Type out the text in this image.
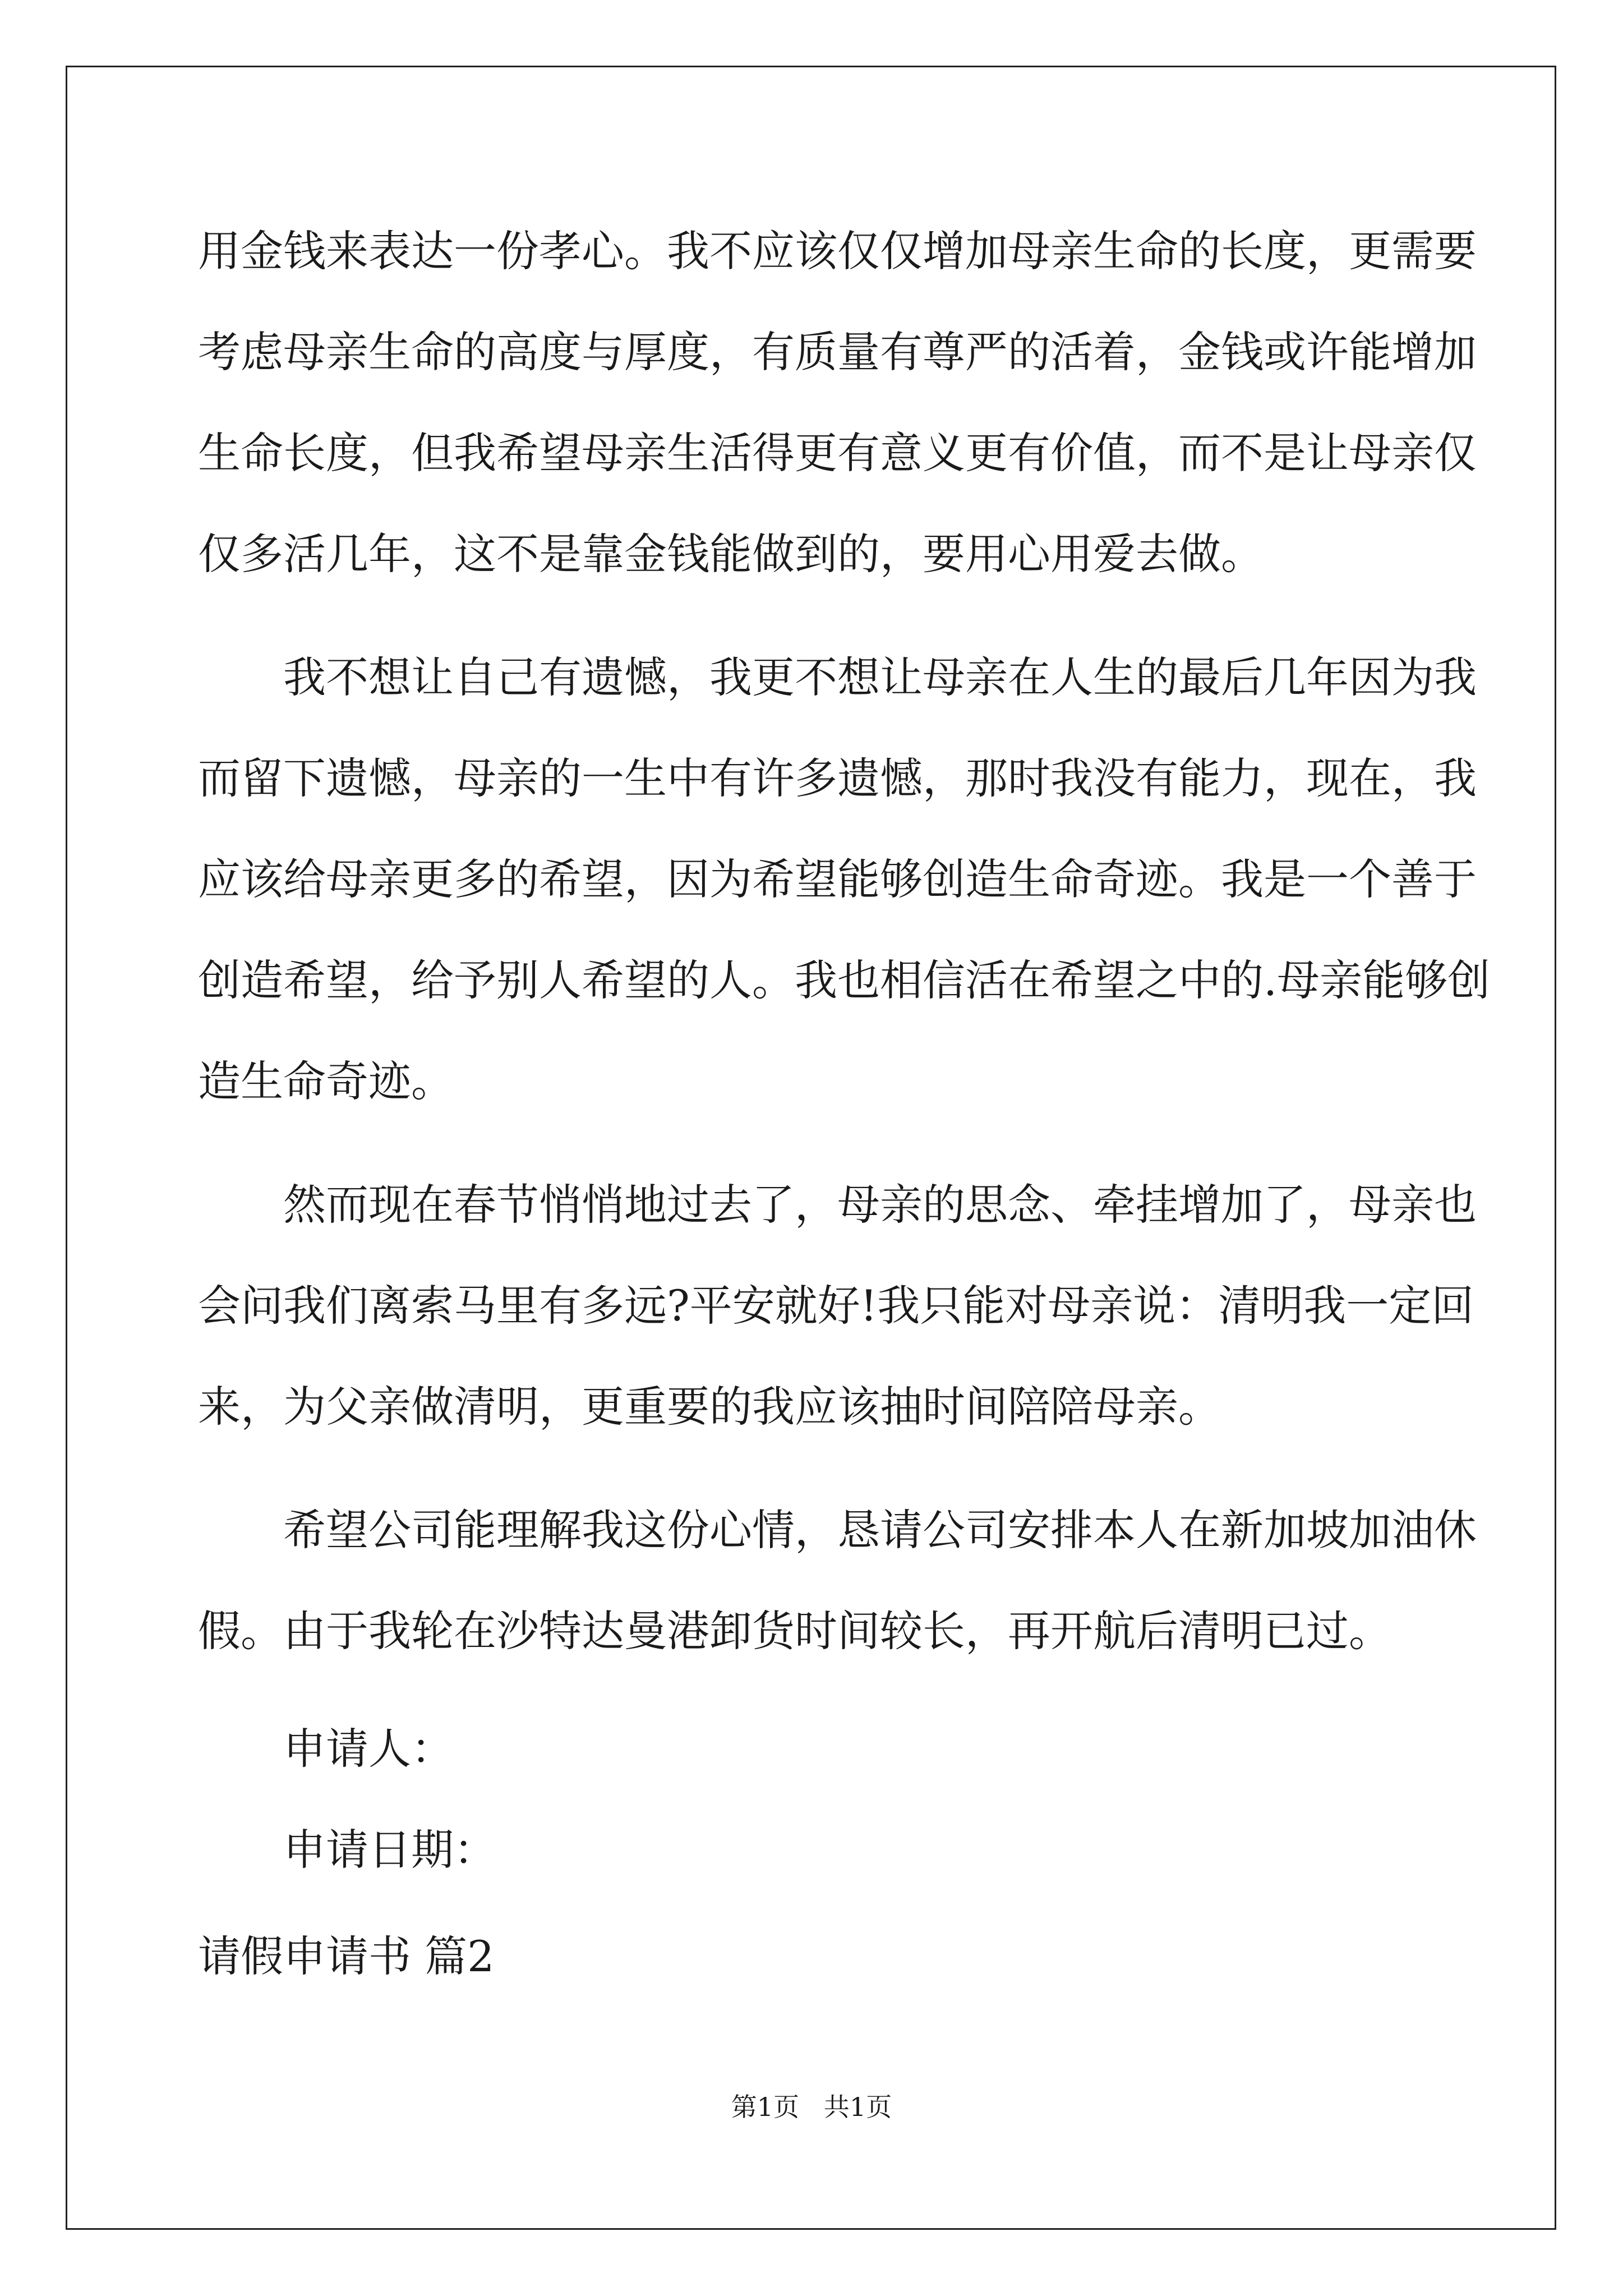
用金钱来表达一份孝心。我不应该仅仅增加母亲生命的长度，更需要
考虑母亲生命的高度与厚度，有质量有尊严的活着，金钱或许能增加
生命长度，但我希望母亲生活得更有意义更有价值，而不是让母亲仅
仅多活几年，这不是靠金钱能做到的，要用心用爱去做。
我不想让自己有遗憾，我更不想让母亲在人生的最后几年因为我
而留下遗憾，母亲的一生中有许多遗憾，那时我没有能力，现在，我
应该给母亲更多的希望，因为希望能够创造生命奇迹。我是一个善于
创造希望，给予别人希望的人。我也相信活在希望之中的.母亲能够创
造生命奇迹。
然而现在春节悄悄地过去了，母亲的思念、牵挂增加了，母亲也
会问我们离索马里有多远?平安就好!我只能对母亲说：清明我一定回
来，为父亲做清明，更重要的我应该抽时间陪陪母亲。
希望公司能理解我这份心情，恳请公司安排本人在新加坡加油休
假。由于我轮在沙特达曼港卸货时间较长，再开航后清明已过。
申请人：
申请日期：
请假申请书 篇2
第1页   共1页
